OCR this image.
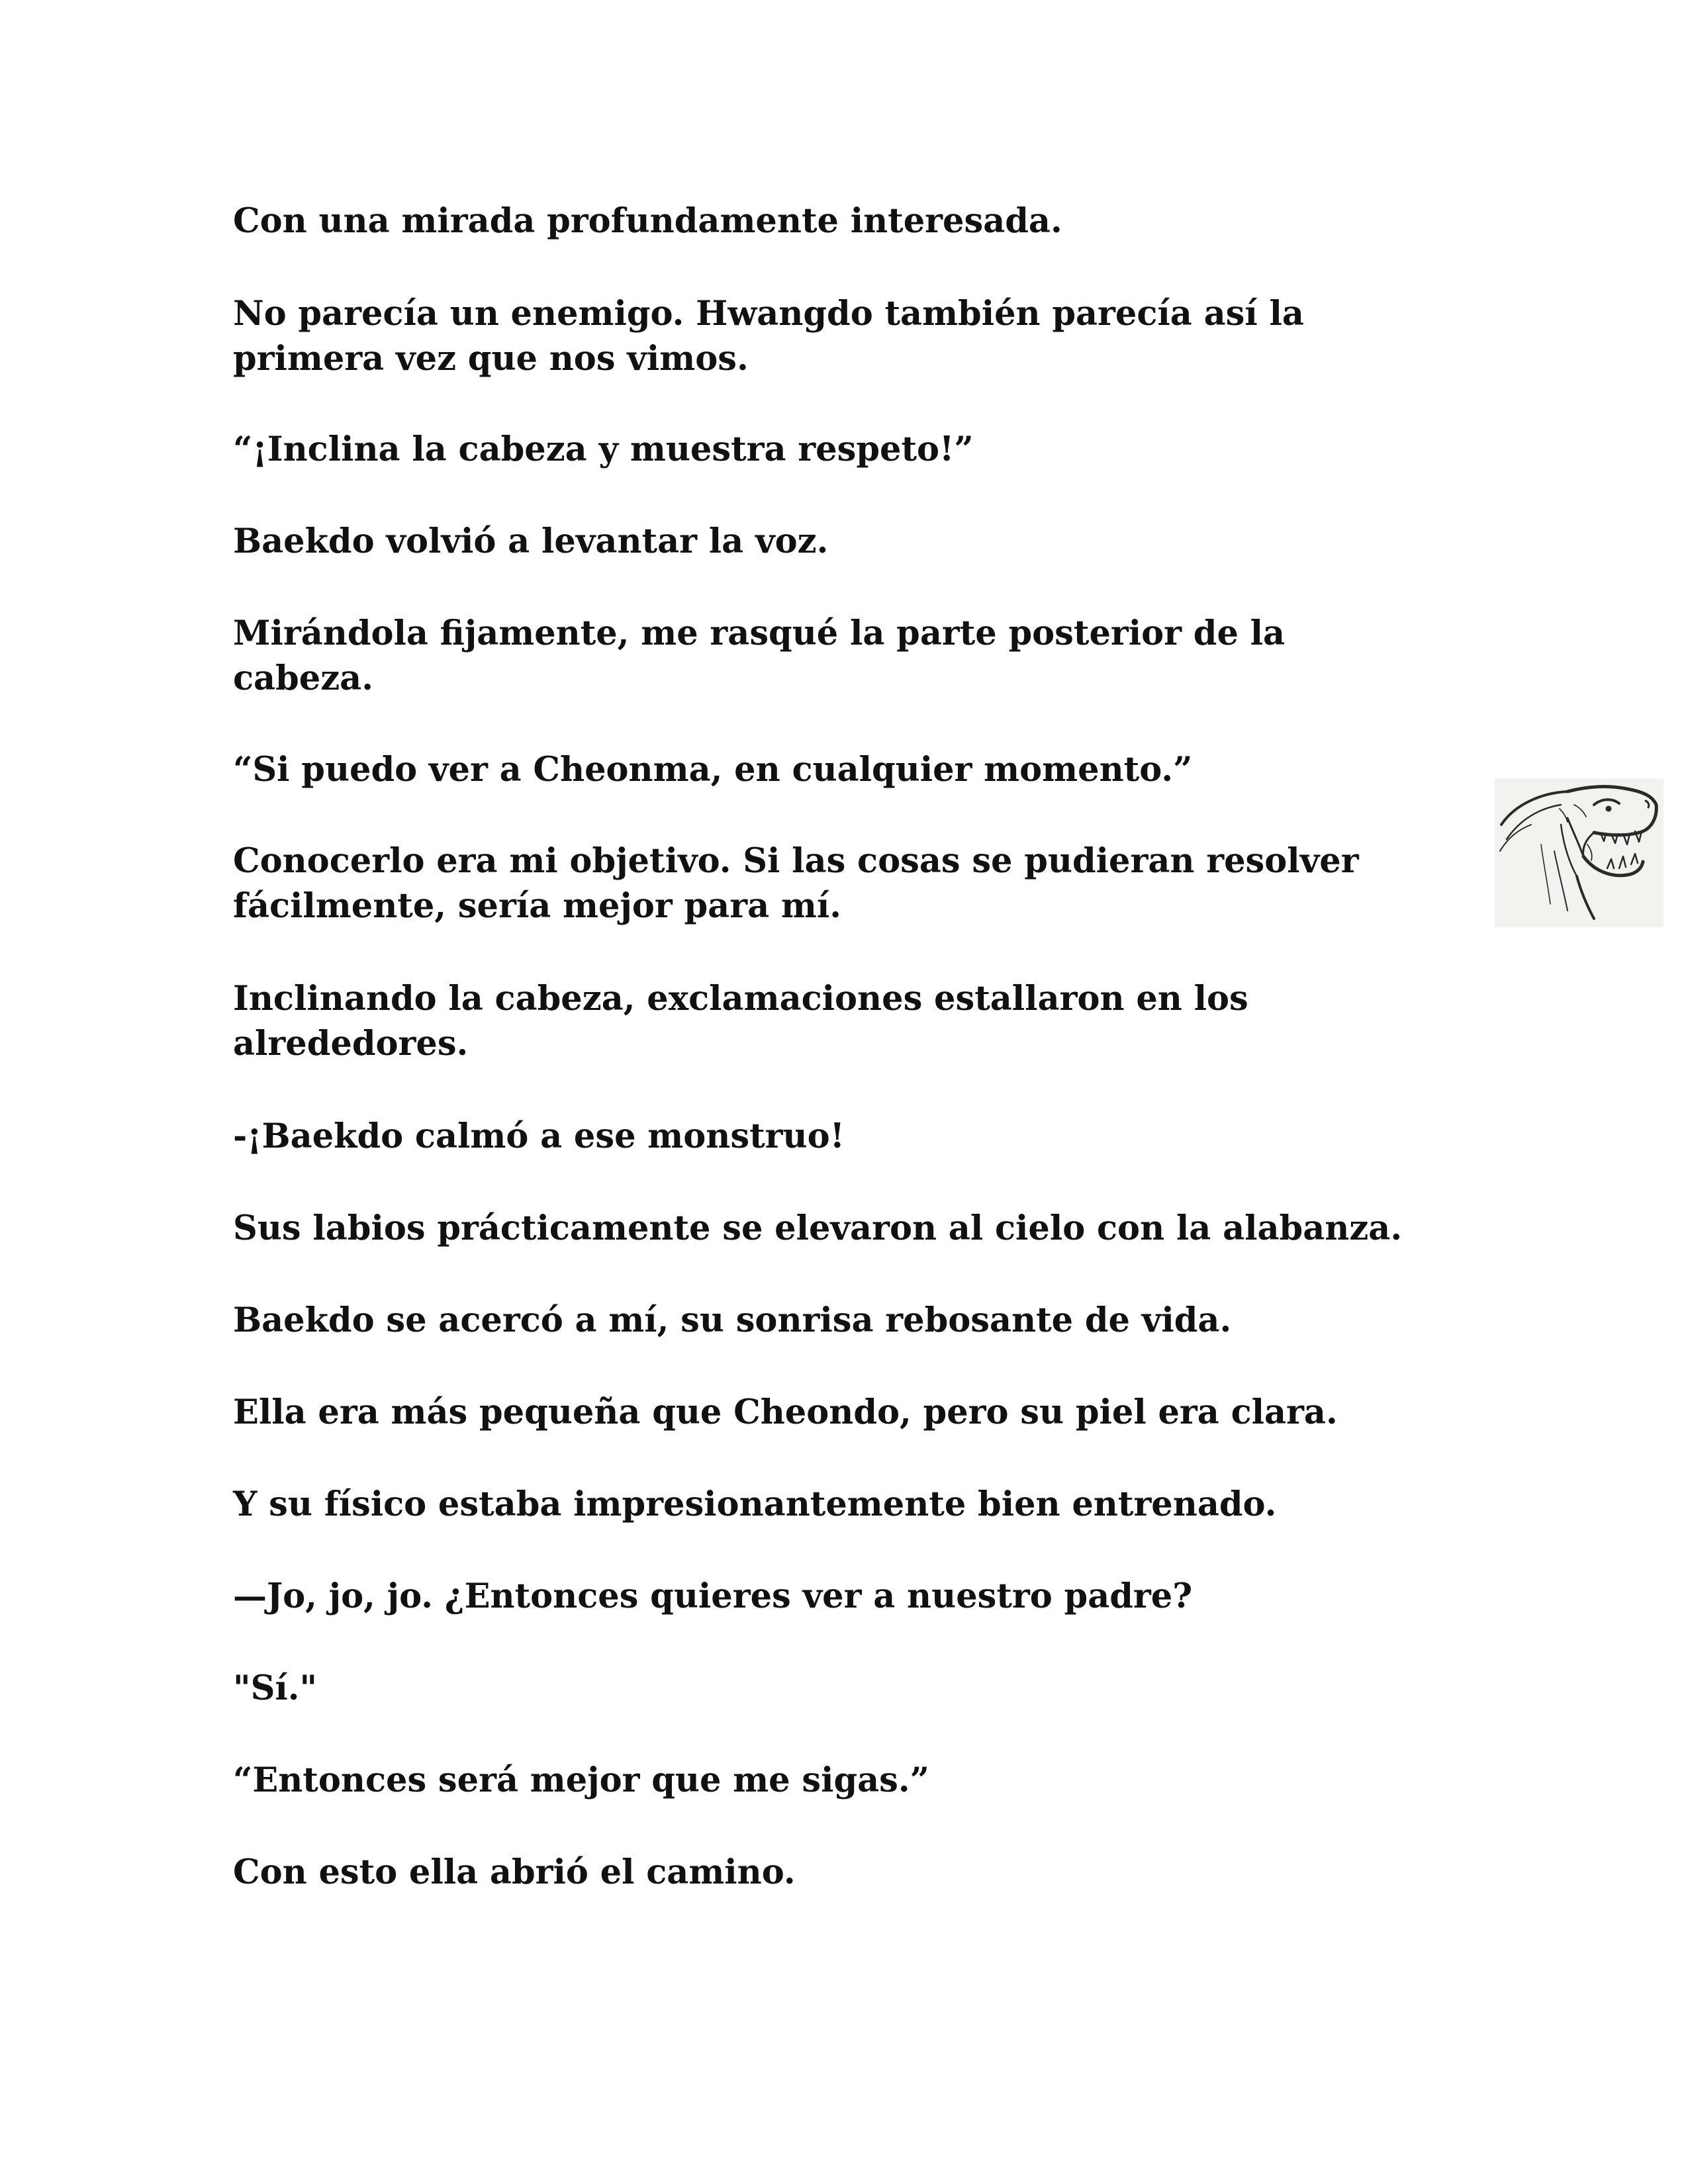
Con una mirada profundamente interesada.

No parecía un enemigo. Hwangdo también parecía así la
primera vez que nos vimos.

“¡Inclina la cabeza y muestra respeto!”

Baekdo volvió a levantar la voz.

Mirándola fijamente, me rasqué la parte posterior de la
cabeza.

“Si puedo ver a Cheonma, en cualquier momento.”

Conocerlo era mi objetivo. Si las cosas se pudieran resolver
fácilmente, sería mejor para mí.

Inclinando la cabeza, exclamaciones estallaron en los
alrededores.

-¡Baekdo calmó a ese monstruo!

Sus labios prácticamente se elevaron al cielo con la alabanza.

Baekdo se acercó a mí, su sonrisa rebosante de vida.

Ella era más pequeña que Cheondo, pero su piel era clara.

Y su físico estaba impresionantemente bien entrenado.

—Jo, jo, jo. ¿Entonces quieres ver a nuestro padre?

"Sí."

“Entonces será mejor que me sigas.”

Con esto ella abrió el camino.
